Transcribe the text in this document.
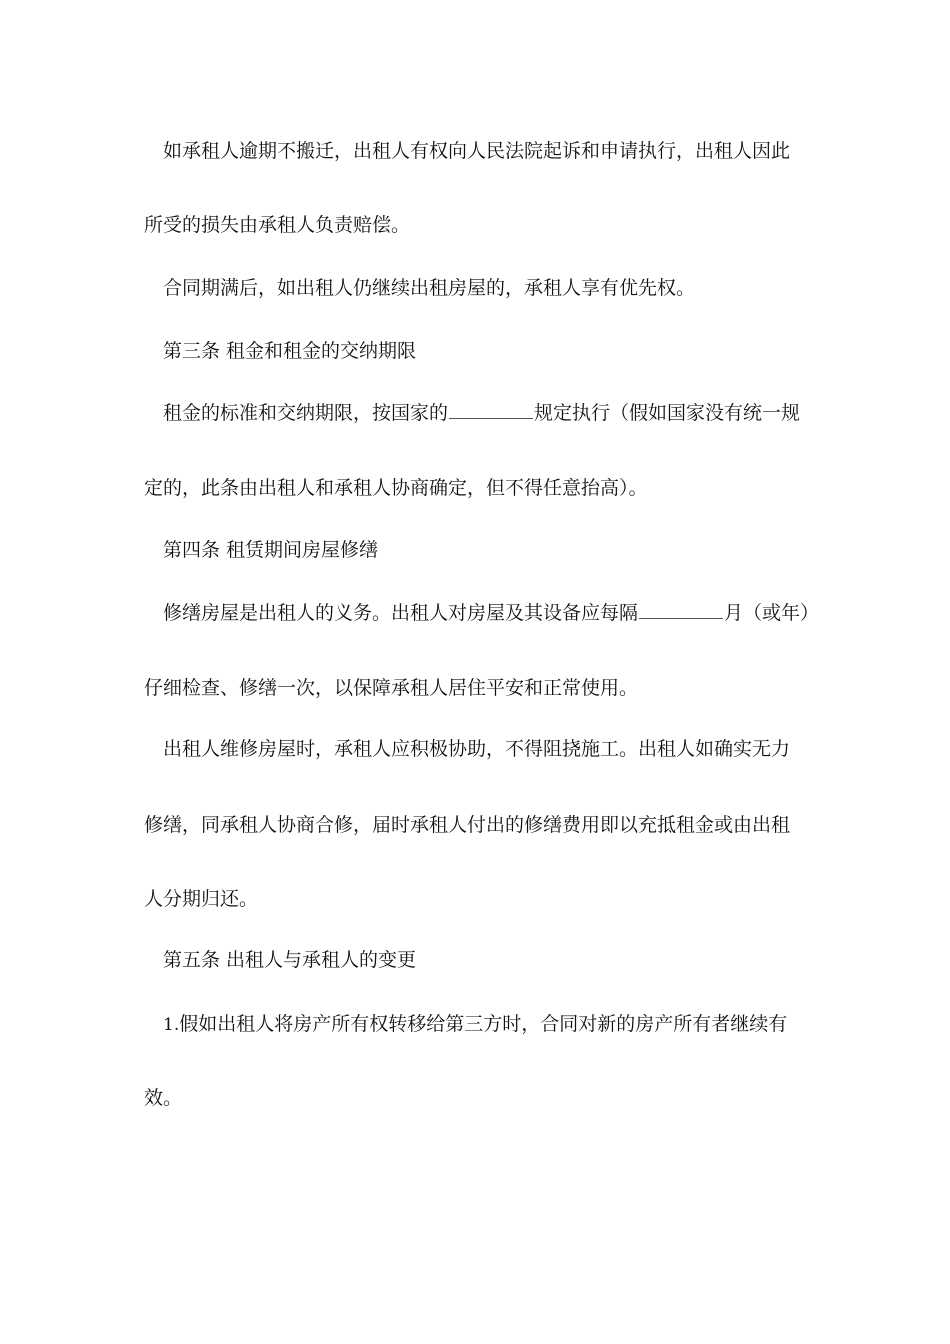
如承租人逾期不搬迁，出租人有权向人民法院起诉和申请执行，出租人因此
所受的损失由承租人负责赔偿。
合同期满后，如出租人仍继续出租房屋的，承租人享有优先权。
第三条 租金和租金的交纳期限
租金的标准和交纳期限，按国家的	规定执行（假如国家没有统一规
定的，此条由出租人和承租人协商确定，但不得任意抬高）。
第四条 租赁期间房屋修缮
修缮房屋是出租人的义务。出租人对房屋及其设备应每隔	月（或年）
仔细检查、修缮一次，以保障承租人居住平安和正常使用。
出租人维修房屋时，承租人应积极协助，不得阻挠施工。出租人如确实无力
修缮，同承租人协商合修，届时承租人付出的修缮费用即以充抵租金或由出租
人分期归还。
第五条 出租人与承租人的变更
1.假如出租人将房产所有权转移给第三方时，合同对新的房产所有者继续有
效。
